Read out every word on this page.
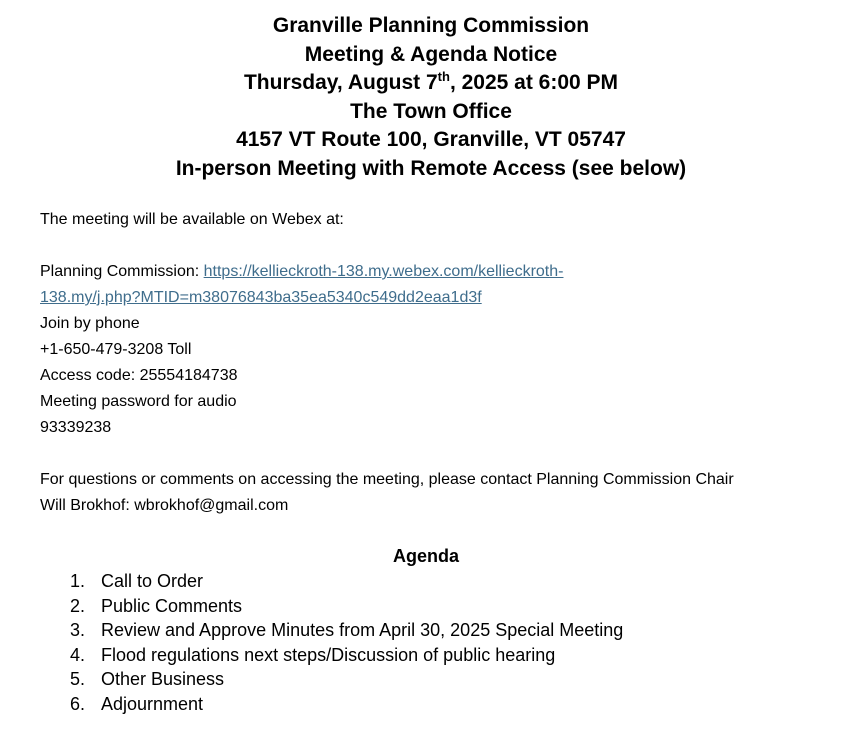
Granville Planning Commission
Meeting & Agenda Notice
Thursday, August 7th, 2025 at 6:00 PM
The Town Office
4157 VT Route 100, Granville, VT 05747
In-person Meeting with Remote Access (see below)

The meeting will be available on Webex at:

Planning Commission: https://kellieckroth-138.my.webex.com/kellieckroth-

138.my/j.php?MTID=m38076843ba35ea5340c549dd2eaa1d3f

Join by phone

+1-650-479-3208 Toll

Access code: 25554184738

Meeting password for audio

93339238

For questions or comments on accessing the meeting, please contact Planning Commission Chair

Will Brokhof: wbrokhof@gmail.com

Agenda
1. Call to Order
2. Public Comments
3. Review and Approve Minutes from April 30, 2025 Special Meeting
4. Flood regulations next steps/Discussion of public hearing
5. Other Business
6. Adjournment
